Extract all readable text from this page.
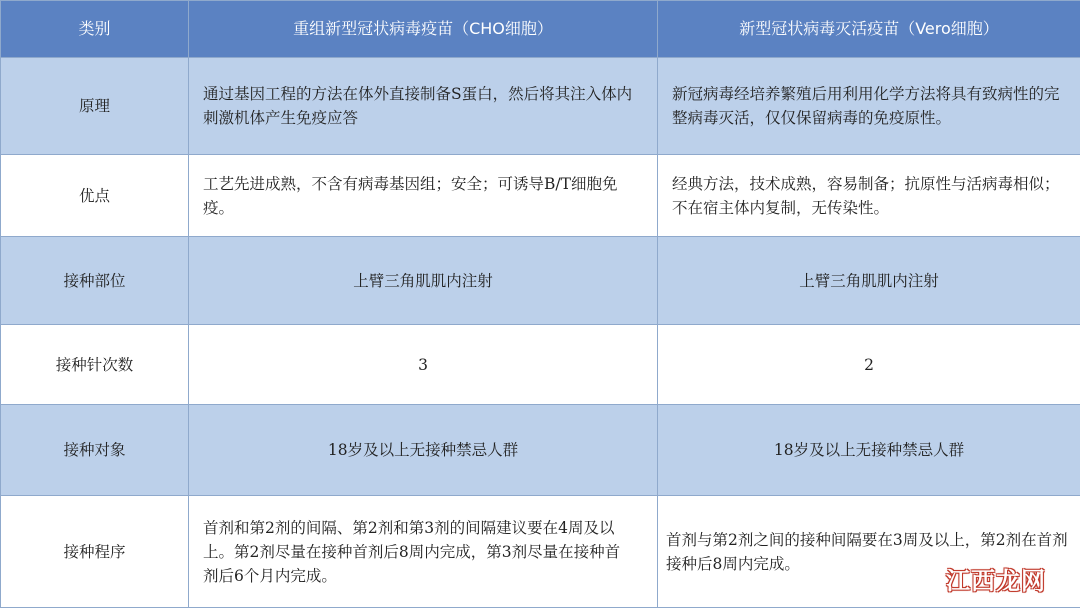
类别	重组新型冠状病毒疫苗（CHO细胞）	新型冠状病毒灭活疫苗（Vero细胞）
原理	通过基因工程的方法在体外直接制备S蛋白，然后将其注入体内刺激机体产生免疫应答	新冠病毒经培养繁殖后用利用化学方法将具有致病性的完整病毒灭活，仅仅保留病毒的免疫原性。

优点	工艺先进成熟，不含有病毒基因组；安全；可诱导B/T细胞免疫。	经典方法，技术成熟，容易制备；抗原性与活病毒相似；不在宿主体内复制，无传染性。

接种部位	上臂三角肌肌内注射	上臂三角肌肌内注射
接种针次数	3	2
接种对象	18岁及以上无接种禁忌人群	18岁及以上无接种禁忌人群
接种程序	首剂和第2剂的间隔、第2剂和第3剂的间隔建议要在4周及以上。第2剂尽量在接种首剂后8周内完成，第3剂尽量在接种首剂后6个月内完成。	首剂与第2剂之间的接种间隔要在3周及以上，第2剂在首剂接种后8周内完成。
江西龙网
